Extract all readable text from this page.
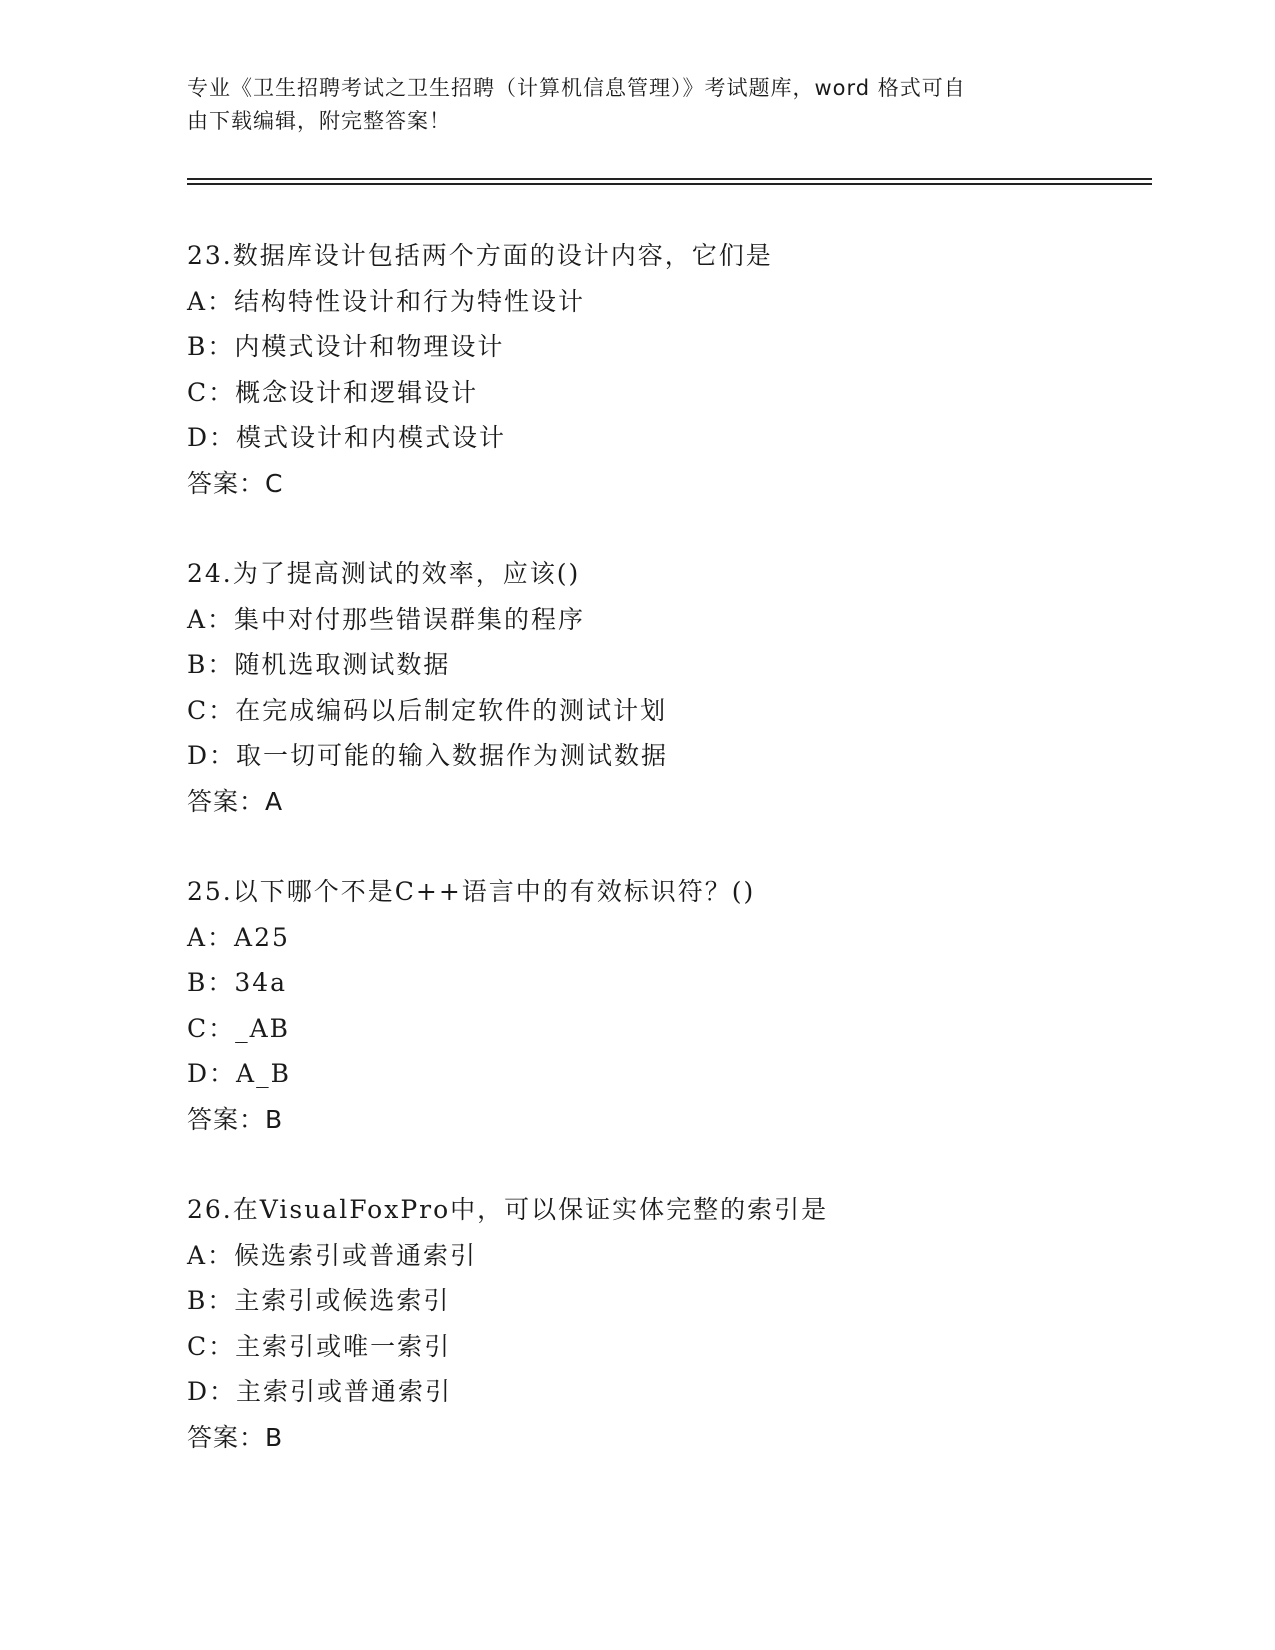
专业《卫生招聘考试之卫生招聘（计算机信息管理）》考试题库，word 格式可自
由下载编辑，附完整答案！
23.数据库设计包括两个方面的设计内容，它们是
A：结构特性设计和行为特性设计
B：内模式设计和物理设计
C：概念设计和逻辑设计
D：模式设计和内模式设计
答案：C
24.为了提高测试的效率，应该()
A：集中对付那些错误群集的程序
B：随机选取测试数据
C：在完成编码以后制定软件的测试计划
D：取一切可能的输入数据作为测试数据
答案：A
25.以下哪个不是C++语言中的有效标识符？()
A：A25
B：34a
C：_AB
D：A_B
答案：B
26.在VisualFoxPro中，可以保证实体完整的索引是
A：候选索引或普通索引
B：主索引或候选索引
C：主索引或唯一索引
D：主索引或普通索引
答案：B
